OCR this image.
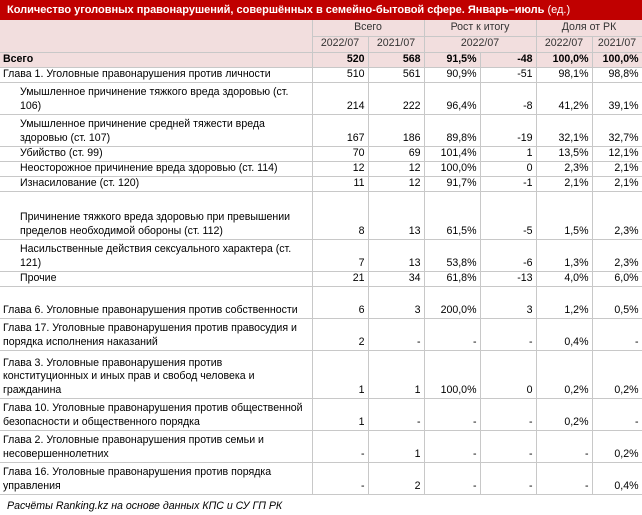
Количество уголовных правонарушений, совершённых в семейно-бытовой сфере. Январь–июль (ед.)
	Всего		Рост к итогу		Доля от РК	
	2022/07	2021/07	2022/07		2022/07	2021/07
Всего	520	568	91,5%	-48	100,0%	100,0%
Глава 1. Уголовные правонарушения против личности	510	561	90,9%	-51	98,1%	98,8%
Умышленное причинение тяжкого вреда здоровью (ст. 106)	214	222	96,4%	-8	41,2%	39,1%
Умышленное причинение средней тяжести вреда здоровью (ст. 107)	167	186	89,8%	-19	32,1%	32,7%
Убийство (ст. 99)	70	69	101,4%	1	13,5%	12,1%
Неосторожное причинение вреда здоровью (ст. 114)	12	12	100,0%	0	2,3%	2,1%
Изнасилование (ст. 120)	11	12	91,7%	-1	2,1%	2,1%
Причинение тяжкого вреда здоровью при превышении пределов необходимой обороны (ст. 112)	8	13	61,5%	-5	1,5%	2,3%
Насильственные действия сексуального характера (ст. 121)	7	13	53,8%	-6	1,3%	2,3%
Прочие	21	34	61,8%	-13	4,0%	6,0%
Глава 6. Уголовные правонарушения против собственности	6	3	200,0%	3	1,2%	0,5%
Глава 17. Уголовные правонарушения против правосудия и порядка исполнения наказаний	2	-	-	-	0,4%	-
Глава 3. Уголовные правонарушения против конституционных и иных прав и свобод человека и гражданина	1	1	100,0%	0	0,2%	0,2%
Глава 10. Уголовные правонарушения против общественной безопасности и общественного порядка	1	-	-	-	0,2%	-
Глава 2. Уголовные правонарушения против семьи и несовершеннолетних	-	1	-	-	-	0,2%
Глава 16. Уголовные правонарушения против порядка управления	-	2	-	-	-	0,4%
Расчёты Ranking.kz на основе данных КПС и СУ ГП РК
